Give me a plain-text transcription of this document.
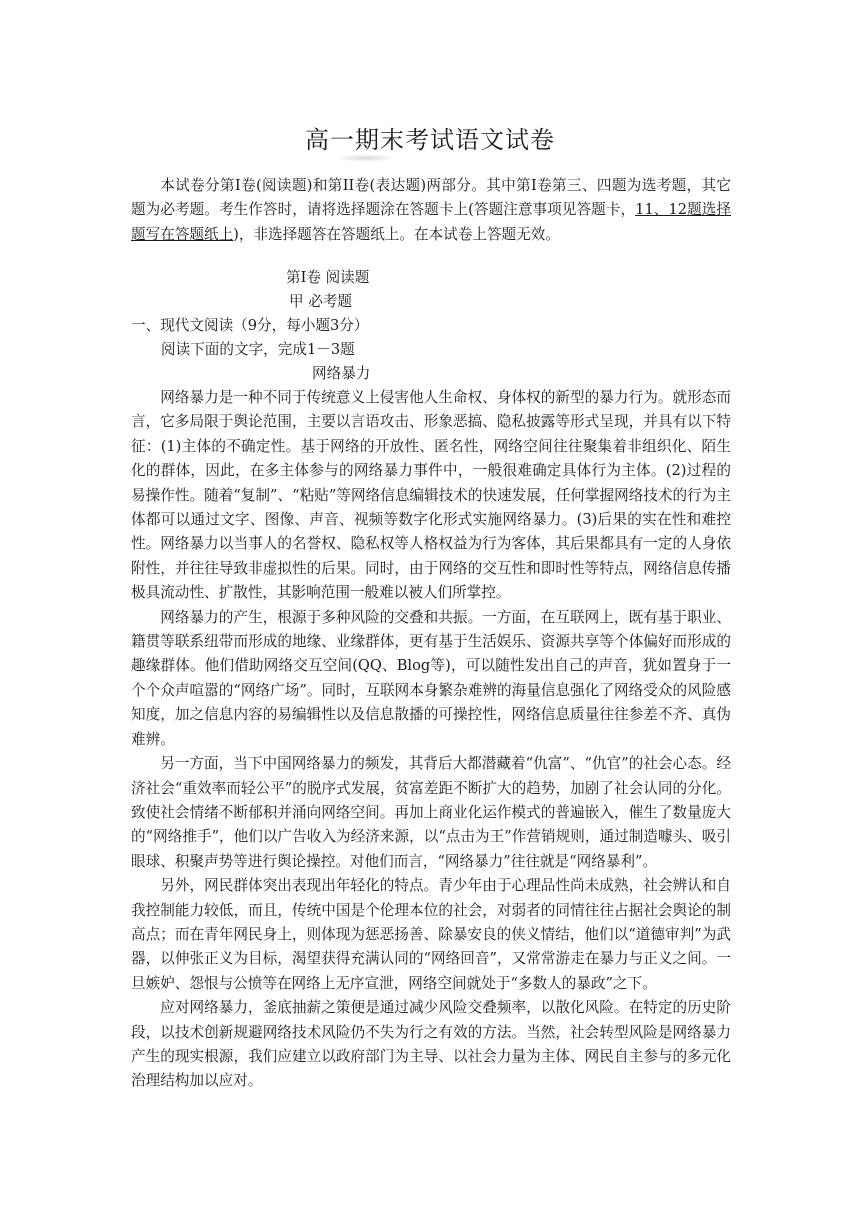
高一期末考试语文试卷

本试卷分第I卷(阅读题)和第II卷(表达题)两部分。其中第Ⅰ卷第三、四题为选考题，其它题为必考题。考生作答时，请将选择题涂在答题卡上(答题注意事项见答题卡，11、12题选择题写在答题纸上)，非选择题答在答题纸上。在本试卷上答题无效。

第Ⅰ卷 阅读题
甲 必考题
一、现代文阅读（9分，每小题3分）
阅读下面的文字，完成1－3题
网络暴力

网络暴力是一种不同于传统意义上侵害他人生命权、身体权的新型的暴力行为。就形态而言，它多局限于舆论范围，主要以言语攻击、形象恶搞、隐私披露等形式呈现，并具有以下特征：(1)主体的不确定性。基于网络的开放性、匿名性，网络空间往往聚集着非组织化、陌生化的群体，因此，在多主体参与的网络暴力事件中，一般很难确定具体行为主体。(2)过程的易操作性。随着“复制”、“粘贴”等网络信息编辑技术的快速发展，任何掌握网络技术的行为主体都可以通过文字、图像、声音、视频等数字化形式实施网络暴力。(3)后果的实在性和难控性。网络暴力以当事人的名誉权、隐私权等人格权益为行为客体，其后果都具有一定的人身依附性，并往往导致非虚拟性的后果。同时，由于网络的交互性和即时性等特点，网络信息传播极具流动性、扩散性，其影响范围一般难以被人们所掌控。

网络暴力的产生，根源于多种风险的交叠和共振。一方面，在互联网上，既有基于职业、籍贯等联系纽带而形成的地缘、业缘群体，更有基于生活娱乐、资源共享等个体偏好而形成的趣缘群体。他们借助网络交互空间(QQ、Blog等)，可以随性发出自己的声音，犹如置身于一个个众声喧嚣的“网络广场”。同时，互联网本身繁杂难辨的海量信息强化了网络受众的风险感知度，加之信息内容的易编辑性以及信息散播的可操控性，网络信息质量往往参差不齐、真伪难辨。

另一方面，当下中国网络暴力的频发，其背后大都潜藏着“仇富”、“仇官”的社会心态。经济社会“重效率而轻公平”的脱序式发展，贫富差距不断扩大的趋势，加剧了社会认同的分化。致使社会情绪不断郁积并涌向网络空间。再加上商业化运作模式的普遍嵌入，催生了数量庞大的“网络推手”，他们以广告收入为经济来源，以“点击为王”作营销规则，通过制造噱头、吸引眼球、积聚声势等进行舆论操控。对他们而言，“网络暴力”往往就是“网络暴利”。

另外，网民群体突出表现出年轻化的特点。青少年由于心理品性尚未成熟，社会辨认和自我控制能力较低，而且，传统中国是个伦理本位的社会，对弱者的同情往往占据社会舆论的制高点；而在青年网民身上，则体现为惩恶扬善、除暴安良的侠义情结，他们以“道德审判”为武器，以伸张正义为目标，渴望获得充满认同的“网络回音”，又常常游走在暴力与正义之间。一旦嫉妒、怨恨与公愤等在网络上无序宣泄，网络空间就处于“多数人的暴政”之下。

应对网络暴力，釜底抽薪之策便是通过减少风险交叠频率，以散化风险。在特定的历史阶段，以技术创新规避网络技术风险仍不失为行之有效的方法。当然，社会转型风险是网络暴力产生的现实根源，我们应建立以政府部门为主导、以社会力量为主体、网民自主参与的多元化治理结构加以应对。
